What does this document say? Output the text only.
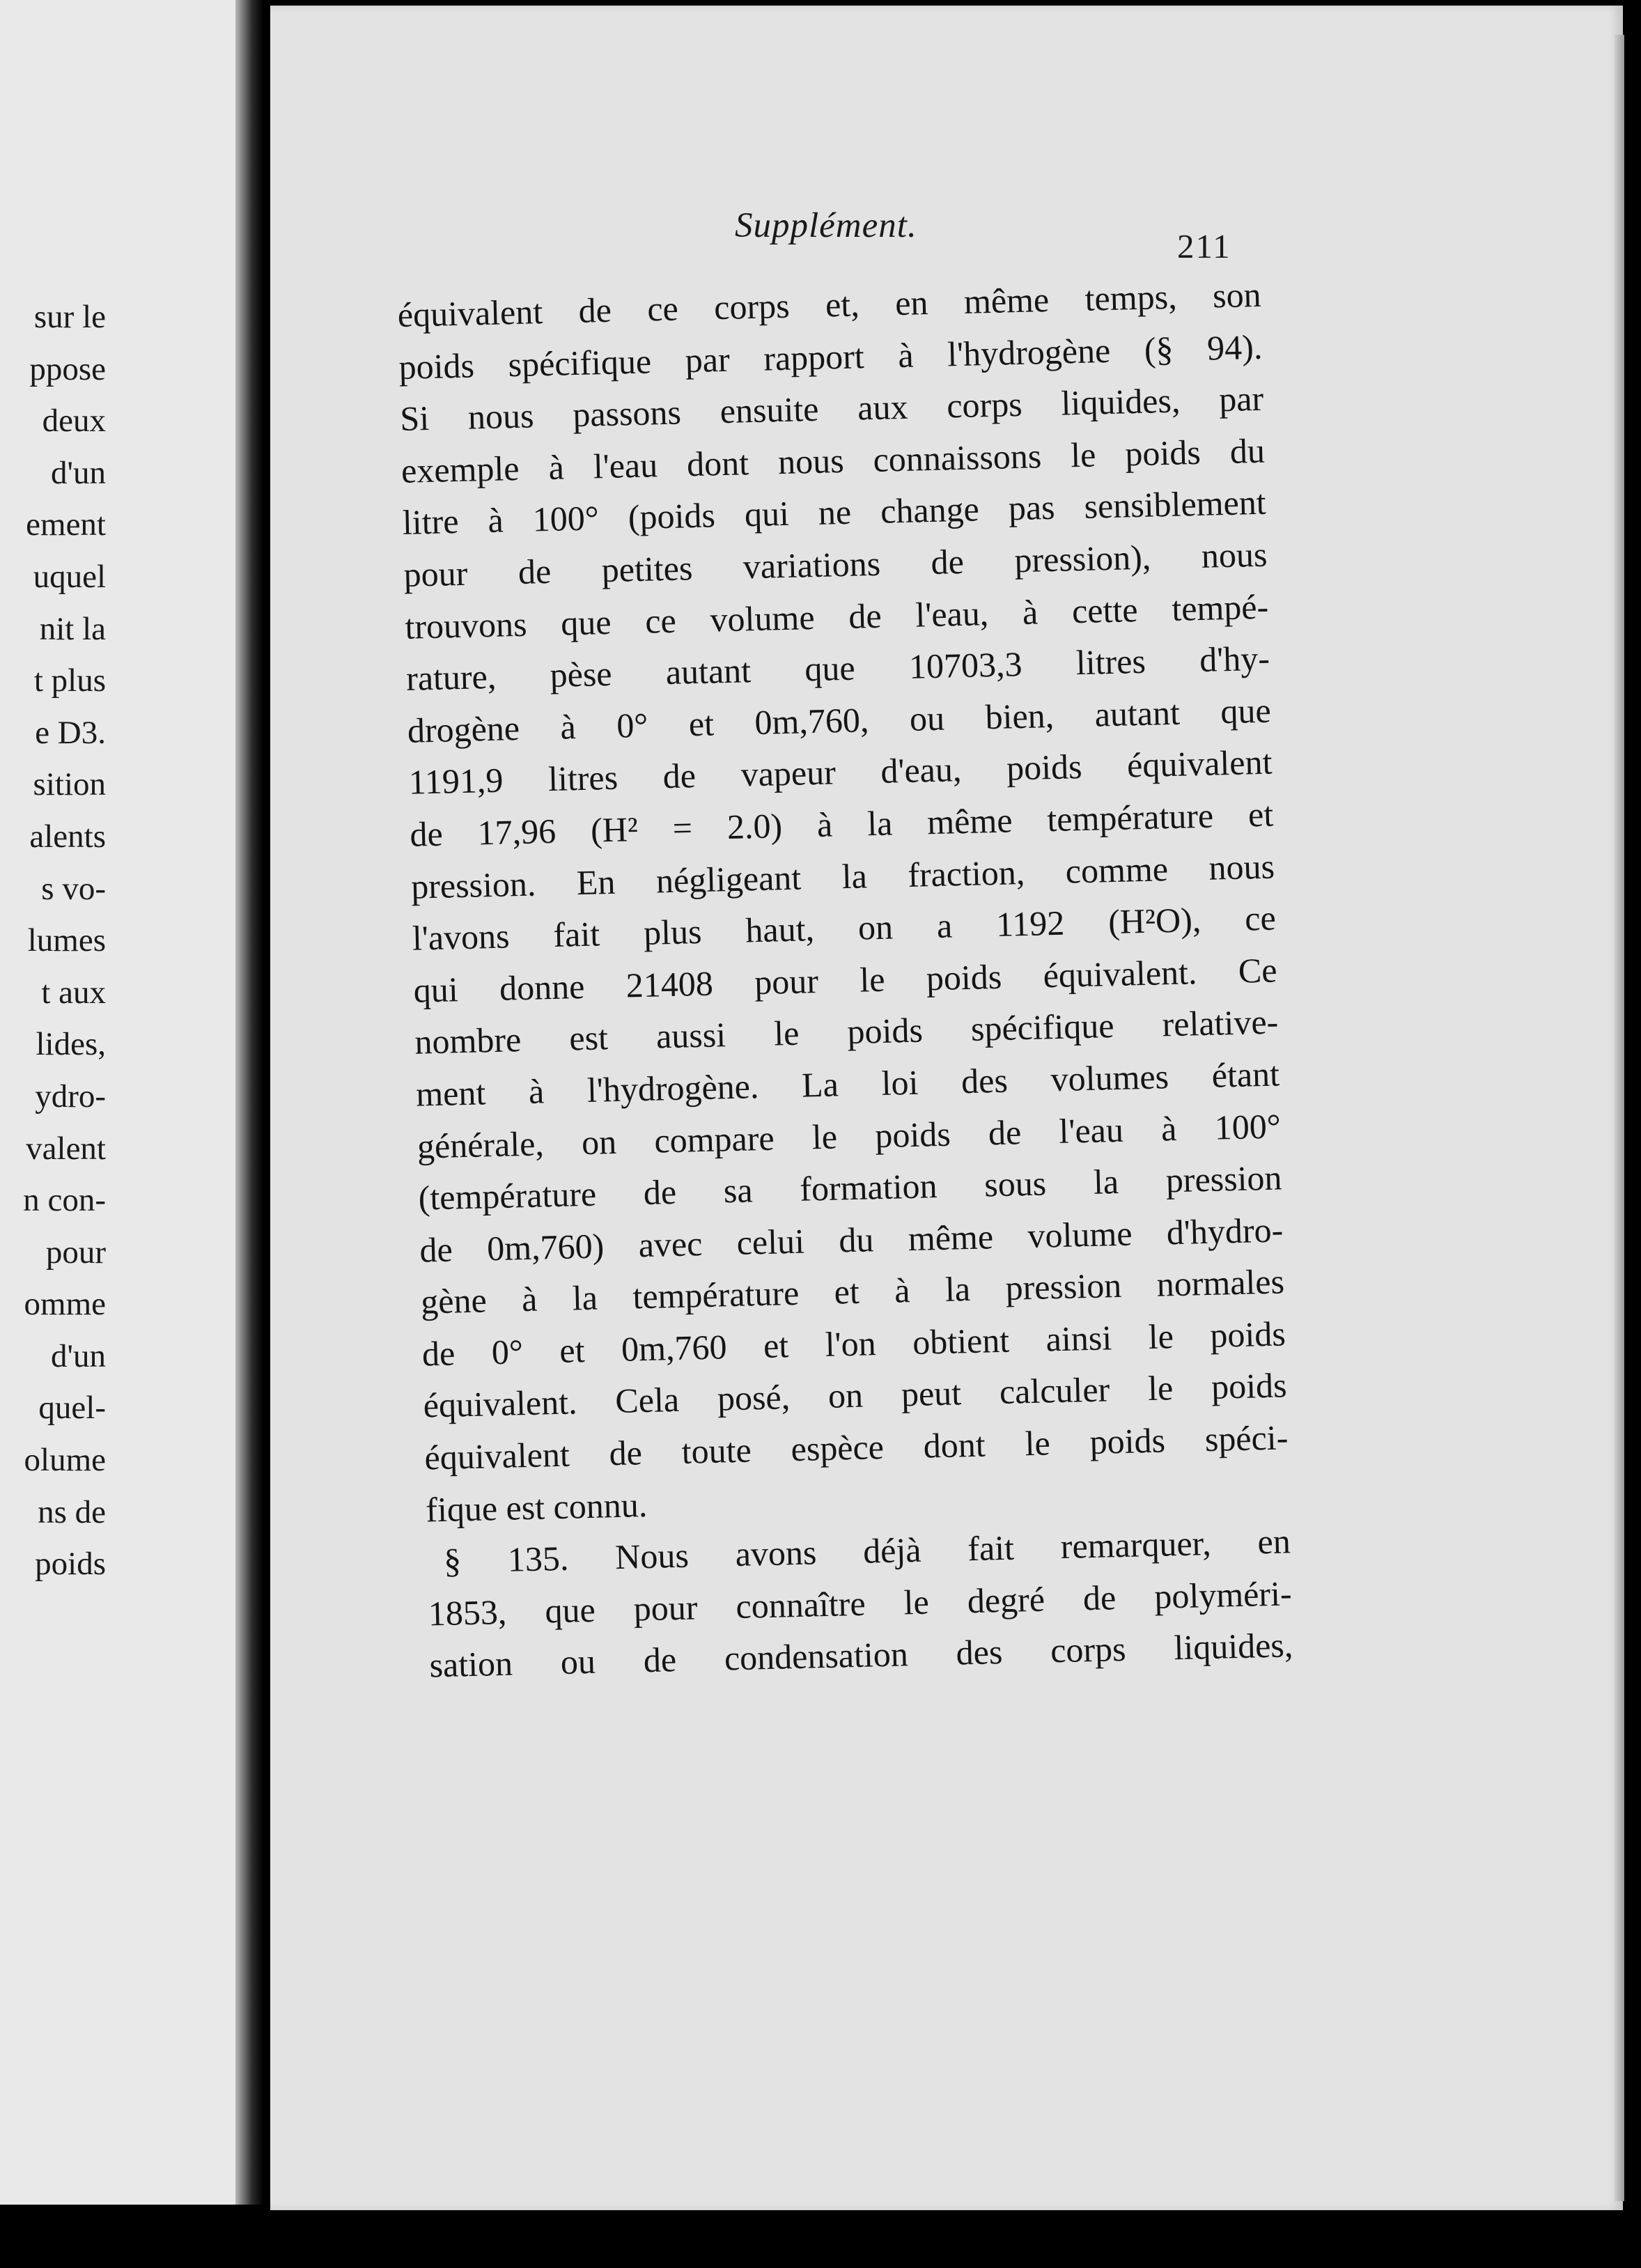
sur le
ppose
deux
d'un
ement
uquel
nit la
t plus
e D3.
sition
alents
s vo-
lumes
t aux
lides,
ydro-
valent
n con-
pour
omme
d'un
quel-
olume
ns de
poids
Supplément.
211
équivalent de ce corps et, en même temps, son
poids spécifique par rapport à l'hydrogène (§ 94).
Si nous passons ensuite aux corps liquides, par
exemple à l'eau dont nous connaissons le poids du
litre à 100° (poids qui ne change pas sensiblement
pour de petites variations de pression), nous
trouvons que ce volume de l'eau, à cette tempé-
rature, pèse autant que 10703,3 litres d'hy-
drogène à 0° et 0m,760, ou bien, autant que
1191,9 litres de vapeur d'eau, poids équivalent
de 17,96 (H² = 2.0) à la même température et
pression. En négligeant la fraction, comme nous
l'avons fait plus haut, on a 1192 (H²O), ce
qui donne 21408 pour le poids équivalent. Ce
nombre est aussi le poids spécifique relative-
ment à l'hydrogène. La loi des volumes étant
générale, on compare le poids de l'eau à 100°
(température de sa formation sous la pression
de 0m,760) avec celui du même volume d'hydro-
gène à la température et à la pression normales
de 0° et 0m,760 et l'on obtient ainsi le poids
équivalent. Cela posé, on peut calculer le poids
équivalent de toute espèce dont le poids spéci-
fique est connu.
§ 135. Nous avons déjà fait remarquer, en
1853, que pour connaître le degré de polyméri-
sation ou de condensation des corps liquides,
